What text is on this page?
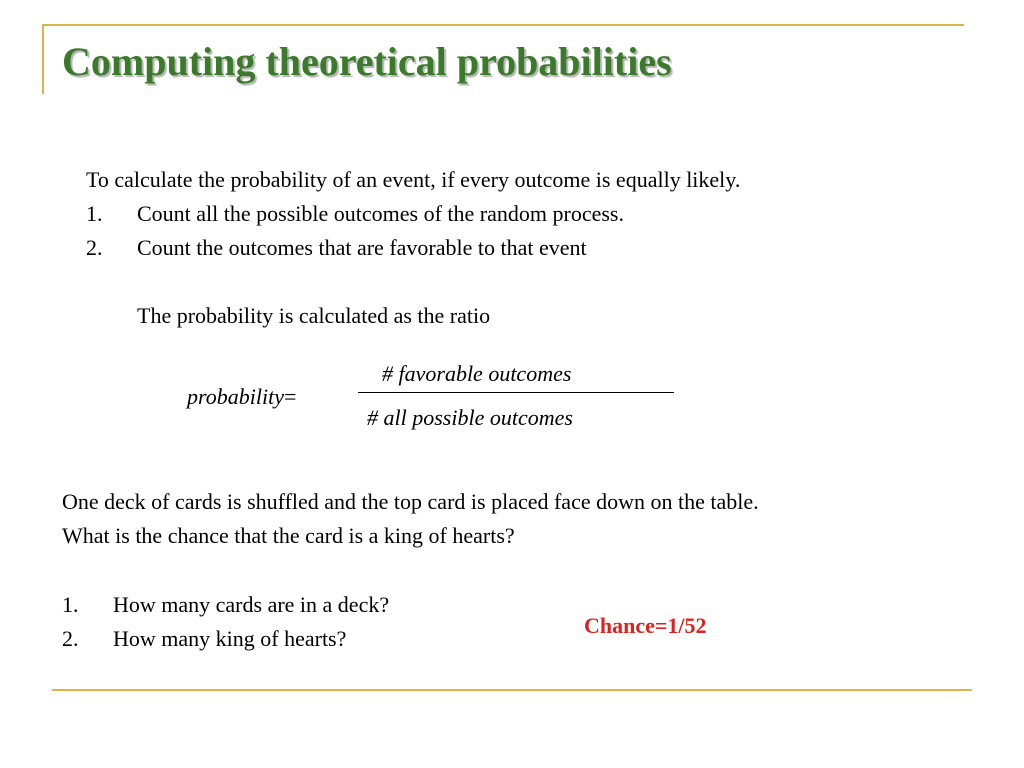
Computing theoretical probabilities
To calculate the probability of an event, if every outcome is equally likely.
1. Count all the possible outcomes of the random process.
2. Count the outcomes that are favorable to that event
The probability is calculated as the ratio
probability=
# favorable outcomes
# all possible outcomes
One deck of cards is shuffled and the top card is placed face down on the table.
What is the chance that the card is a king of hearts?
1. How many cards are in a deck?
2. How many king of hearts?
Chance=1/52
